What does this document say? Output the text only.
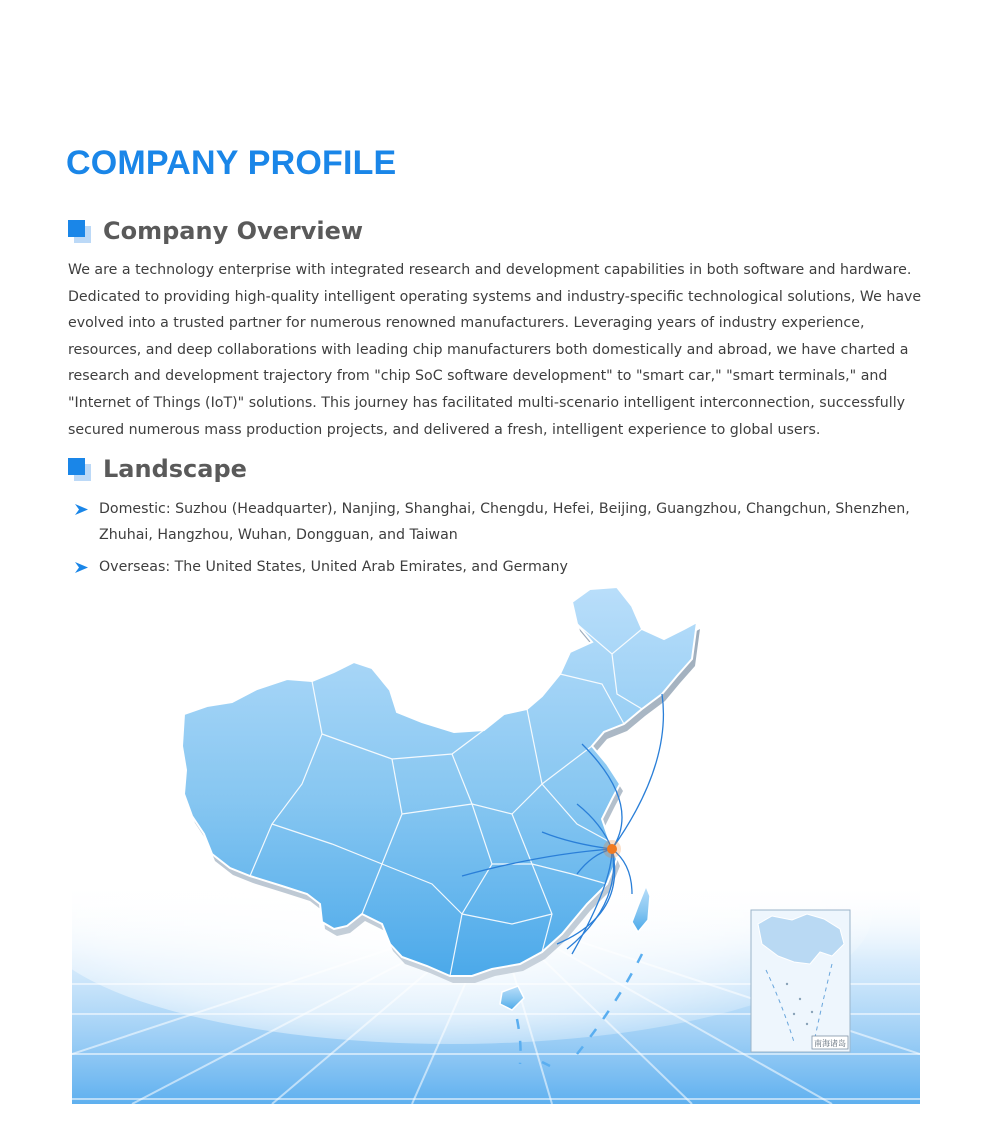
COMPANY PROFILE
Company Overview

We are a technology enterprise with integrated research and development capabilities in both software and hardware. Dedicated to providing high-quality intelligent operating systems and industry-specific technological solutions, We have evolved into a trusted partner for numerous renowned manufacturers. Leveraging years of industry experience, resources, and deep collaborations with leading chip manufacturers both domestically and abroad, we have charted a research and development trajectory from "chip SoC software development" to "smart car," "smart terminals," and "Internet of Things (IoT)" solutions. This journey has facilitated multi-scenario intelligent interconnection, successfully secured numerous mass production projects, and delivered a fresh, intelligent experience to global users.

Landscape
Domestic: Suzhou (Headquarter), Nanjing, Shanghai, Chengdu, Hefei, Beijing, Guangzhou, Changchun, Shenzhen, Zhuhai, Hangzhou, Wuhan, Dongguan, and Taiwan
Overseas: The United States, United Arab Emirates, and Germany
南海诸岛
